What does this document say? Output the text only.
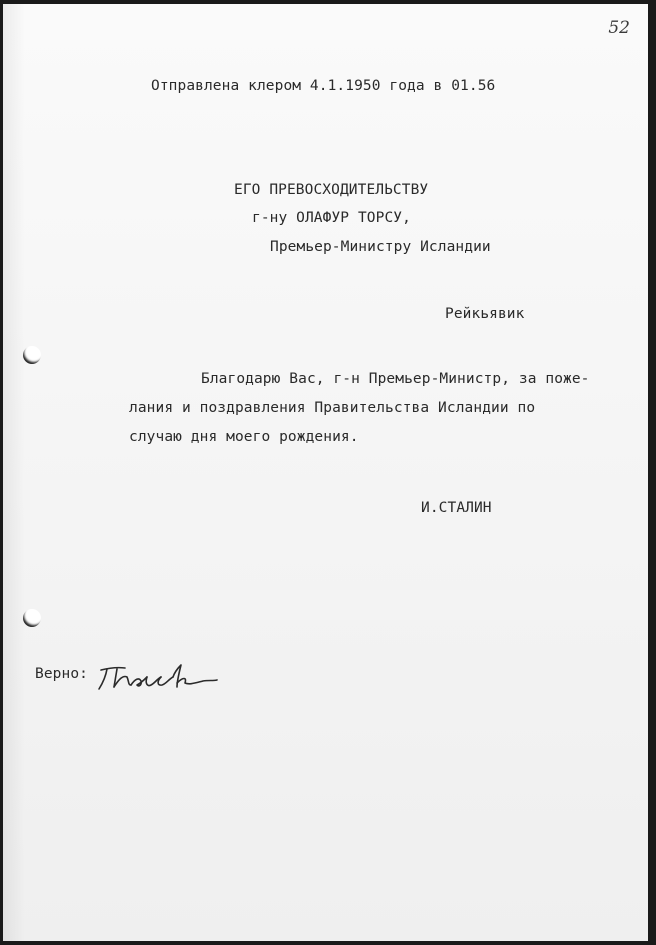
52
Отправлена клером 4.1.1950 года в 01.56
ЕГО ПРЕВОСХОДИТЕЛЬСТВУ
г-ну ОЛАФУР ТОРСУ,
Премьер-Министру Исландии
Рейкьявик
Благодарю Вас, г-н Премьер-Министр, за поже-
лания и поздравления Правительства Исландии по
случаю дня моего рождения.
И.СТАЛИН
Верно:
